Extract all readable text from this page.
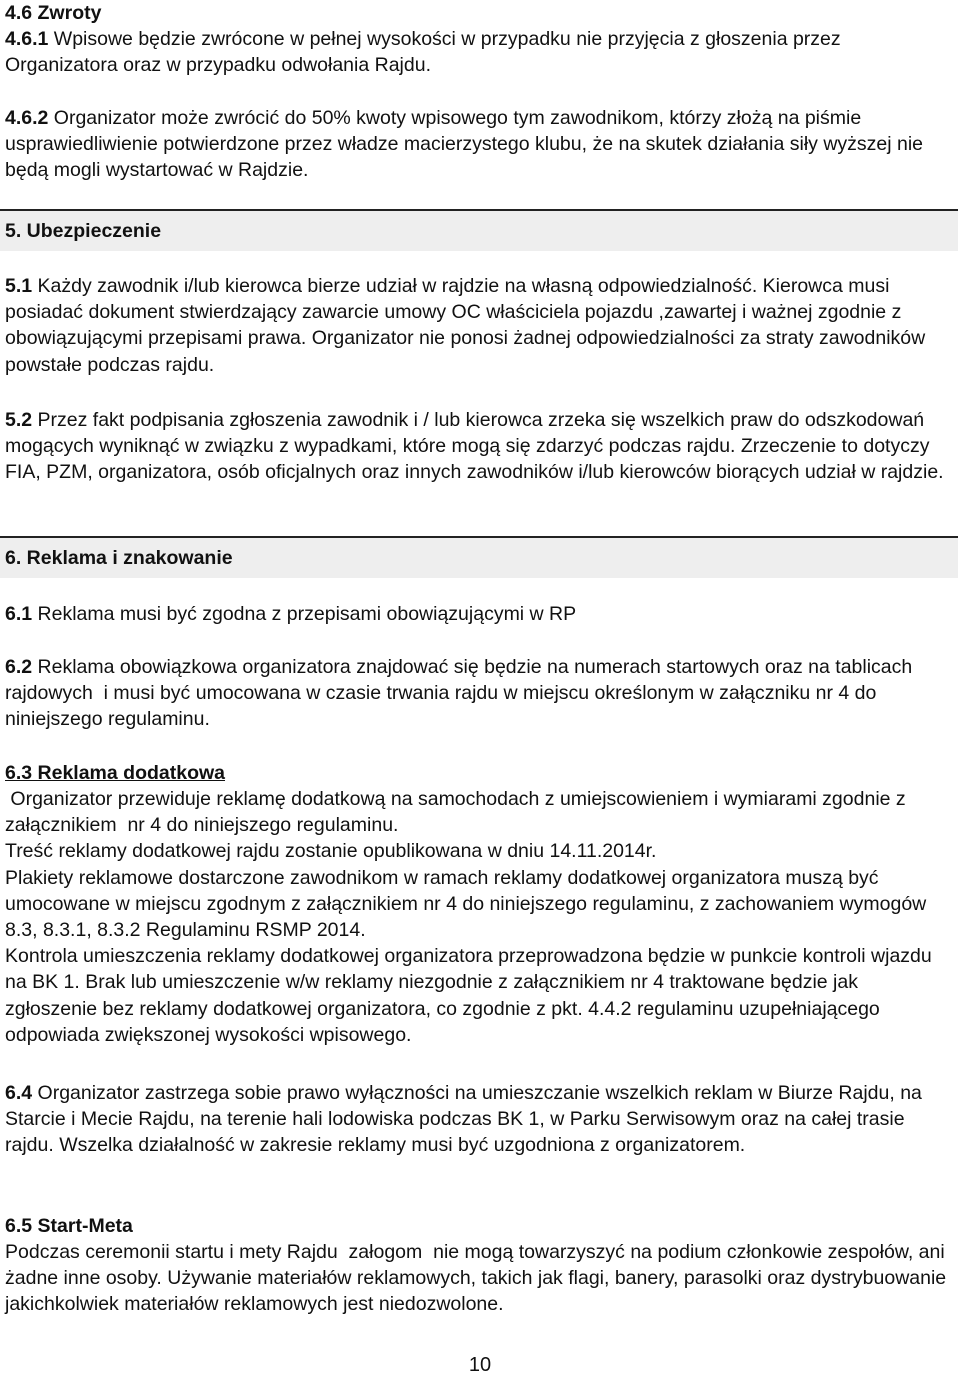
4.6 Zwroty
4.6.1 Wpisowe będzie zwrócone w pełnej wysokości w przypadku nie przyjęcia z głoszenia przez Organizatora oraz w przypadku odwołania Rajdu.
4.6.2 Organizator może zwrócić do 50% kwoty wpisowego tym zawodnikom, którzy złożą na piśmie usprawiedliwienie potwierdzone przez władze macierzystego klubu, że na skutek działania siły wyższej nie będą mogli wystartować w Rajdzie.
5. Ubezpieczenie
5.1 Każdy zawodnik i/lub kierowca bierze udział w rajdzie na własną odpowiedzialność. Kierowca musi posiadać dokument stwierdzający zawarcie umowy OC właściciela pojazdu ,zawartej i ważnej zgodnie z obowiązującymi przepisami prawa. Organizator nie ponosi żadnej odpowiedzialności za straty zawodników powstałe podczas rajdu.
5.2 Przez fakt podpisania zgłoszenia zawodnik i / lub kierowca zrzeka się wszelkich praw do odszkodowań mogących wyniknąć w związku z wypadkami, które mogą się zdarzyć podczas rajdu. Zrzeczenie to dotyczy FIA, PZM, organizatora, osób oficjalnych oraz innych zawodników i/lub kierowców biorących udział w rajdzie.
6. Reklama i znakowanie
6.1 Reklama musi być zgodna z przepisami obowiązującymi w RP
6.2 Reklama obowiązkowa organizatora znajdować się będzie na numerach startowych oraz na tablicach rajdowych  i musi być umocowana w czasie trwania rajdu w miejscu określonym w załączniku nr 4 do niniejszego regulaminu.
6.3 Reklama dodatkowa
Organizator przewiduje reklamę dodatkową na samochodach z umiejscowieniem i wymiarami zgodnie z załącznikiem  nr 4 do niniejszego regulaminu.
Treść reklamy dodatkowej rajdu zostanie opublikowana w dniu 14.11.2014r.
Plakiety reklamowe dostarczone zawodnikom w ramach reklamy dodatkowej organizatora muszą być umocowane w miejscu zgodnym z załącznikiem nr 4 do niniejszego regulaminu, z zachowaniem wymogów 8.3, 8.3.1, 8.3.2 Regulaminu RSMP 2014.
Kontrola umieszczenia reklamy dodatkowej organizatora przeprowadzona będzie w punkcie kontroli wjazdu na BK 1. Brak lub umieszczenie w/w reklamy niezgodnie z załącznikiem nr 4 traktowane będzie jak zgłoszenie bez reklamy dodatkowej organizatora, co zgodnie z pkt. 4.4.2 regulaminu uzupełniającego odpowiada zwiększonej wysokości wpisowego.
6.4 Organizator zastrzega sobie prawo wyłączności na umieszczanie wszelkich reklam w Biurze Rajdu, na Starcie i Mecie Rajdu, na terenie hali lodowiska podczas BK 1, w Parku Serwisowym oraz na całej trasie rajdu. Wszelka działalność w zakresie reklamy musi być uzgodniona z organizatorem.
6.5 Start-Meta
Podczas ceremonii startu i mety Rajdu  załogom  nie mogą towarzyszyć na podium członkowie zespołów, ani żadne inne osoby. Używanie materiałów reklamowych, takich jak flagi, banery, parasolki oraz dystrybuowanie jakichkolwiek materiałów reklamowych jest niedozwolone.
10
